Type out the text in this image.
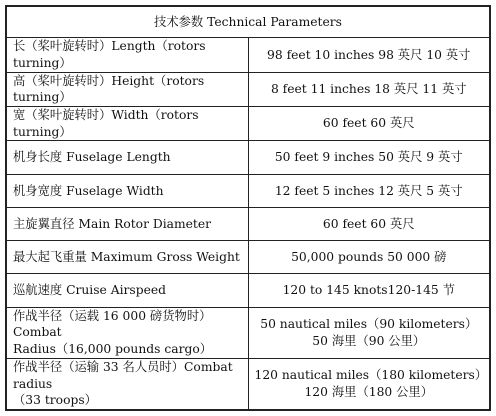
技术参数 Technical Parameters	

长（桨叶旋转时）Length（rotors turning）	98 feet 10 inches 98 英尺 10 英寸

高（桨叶旋转时）Height（rotors turning）	8 feet 11 inches 18 英尺 11 英寸

宽（桨叶旋转时）Width（rotors turning）	60 feet 60 英尺

机身长度 Fuselage Length	50 feet 9 inches 50 英尺 9 英寸

机身宽度 Fuselage Width	12 feet 5 inches 12 英尺 5 英寸

主旋翼直径 Main Rotor Diameter	60 feet 60 英尺

最大起飞重量 Maximum Gross Weight	50,000 pounds 50 000 磅

巡航速度 Cruise Airspeed	120 to 145 knots120-145 节

作战半径（运载 16 000 磅货物时）Combat
Radius（16,000 pounds cargo）	50 nautical miles（90 kilometers）
50 海里（90 公里）

作战半径（运输 33 名人员时）Combat radius
（33 troops）	120 nautical miles（180 kilometers）
120 海里（180 公里）
